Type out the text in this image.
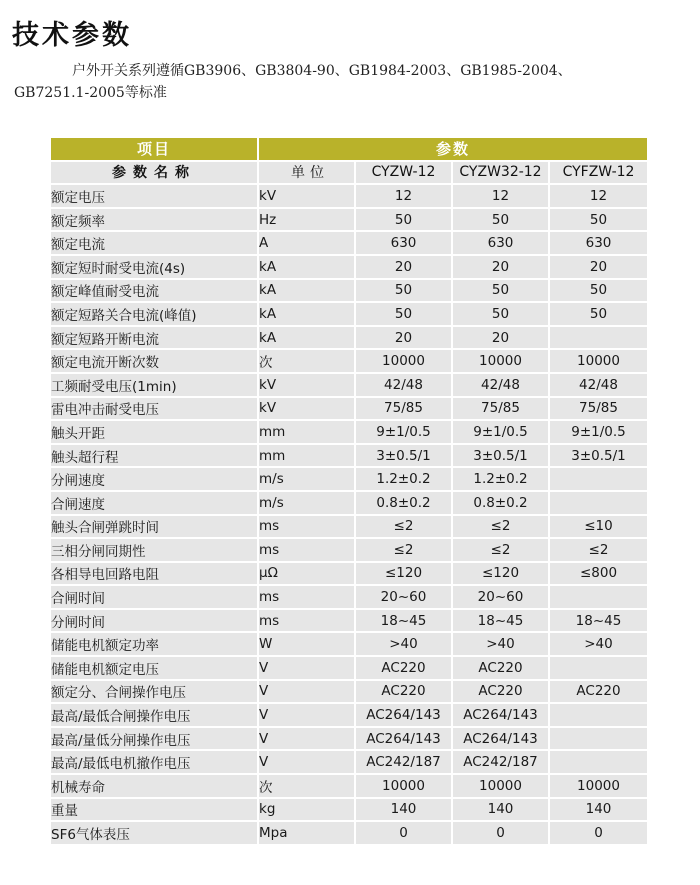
技术参数
户外开关系列遵循GB3906、GB3804-90、GB1984-2003、GB1985-2004、
GB7251.1-2005等标准
项目	参数			
参数名称	单位	CYZW-12	CYZW32-12	CYFZW-12
额定电压	kV	12	12	12
额定频率	Hz	50	50	50
额定电流	A	630	630	630
额定短时耐受电流(4s)	kA	20	20	20
额定峰值耐受电流	kA	50	50	50
额定短路关合电流(峰值)	kA	50	50	50
额定短路开断电流	kA	20	20	
额定电流开断次数	次	10000	10000	10000
工频耐受电压(1min)	kV	42/48	42/48	42/48
雷电冲击耐受电压	kV	75/85	75/85	75/85
触头开距	mm	9±1/0.5	9±1/0.5	9±1/0.5
触头超行程	mm	3±0.5/1	3±0.5/1	3±0.5/1
分闸速度	m/s	1.2±0.2	1.2±0.2	
合闸速度	m/s	0.8±0.2	0.8±0.2	
触头合闸弹跳时间	ms	≤2	≤2	≤10
三相分闸同期性	ms	≤2	≤2	≤2
各相导电回路电阻	μΩ	≤120	≤120	≤800
合闸时间	ms	20~60	20~60	
分闸时间	ms	18~45	18~45	18~45
储能电机额定功率	W	>40	>40	>40
储能电机额定电压	V	AC220	AC220	
额定分、合闸操作电压	V	AC220	AC220	AC220
最高/最低合闸操作电压	V	AC264/143	AC264/143	
最高/量低分闸操作电压	V	AC264/143	AC264/143	
最高/最低电机撤作电压	V	AC242/187	AC242/187	
机械寿命	次	10000	10000	10000
重量	kg	140	140	140
SF6气体表压	Mpa	0	0	0
